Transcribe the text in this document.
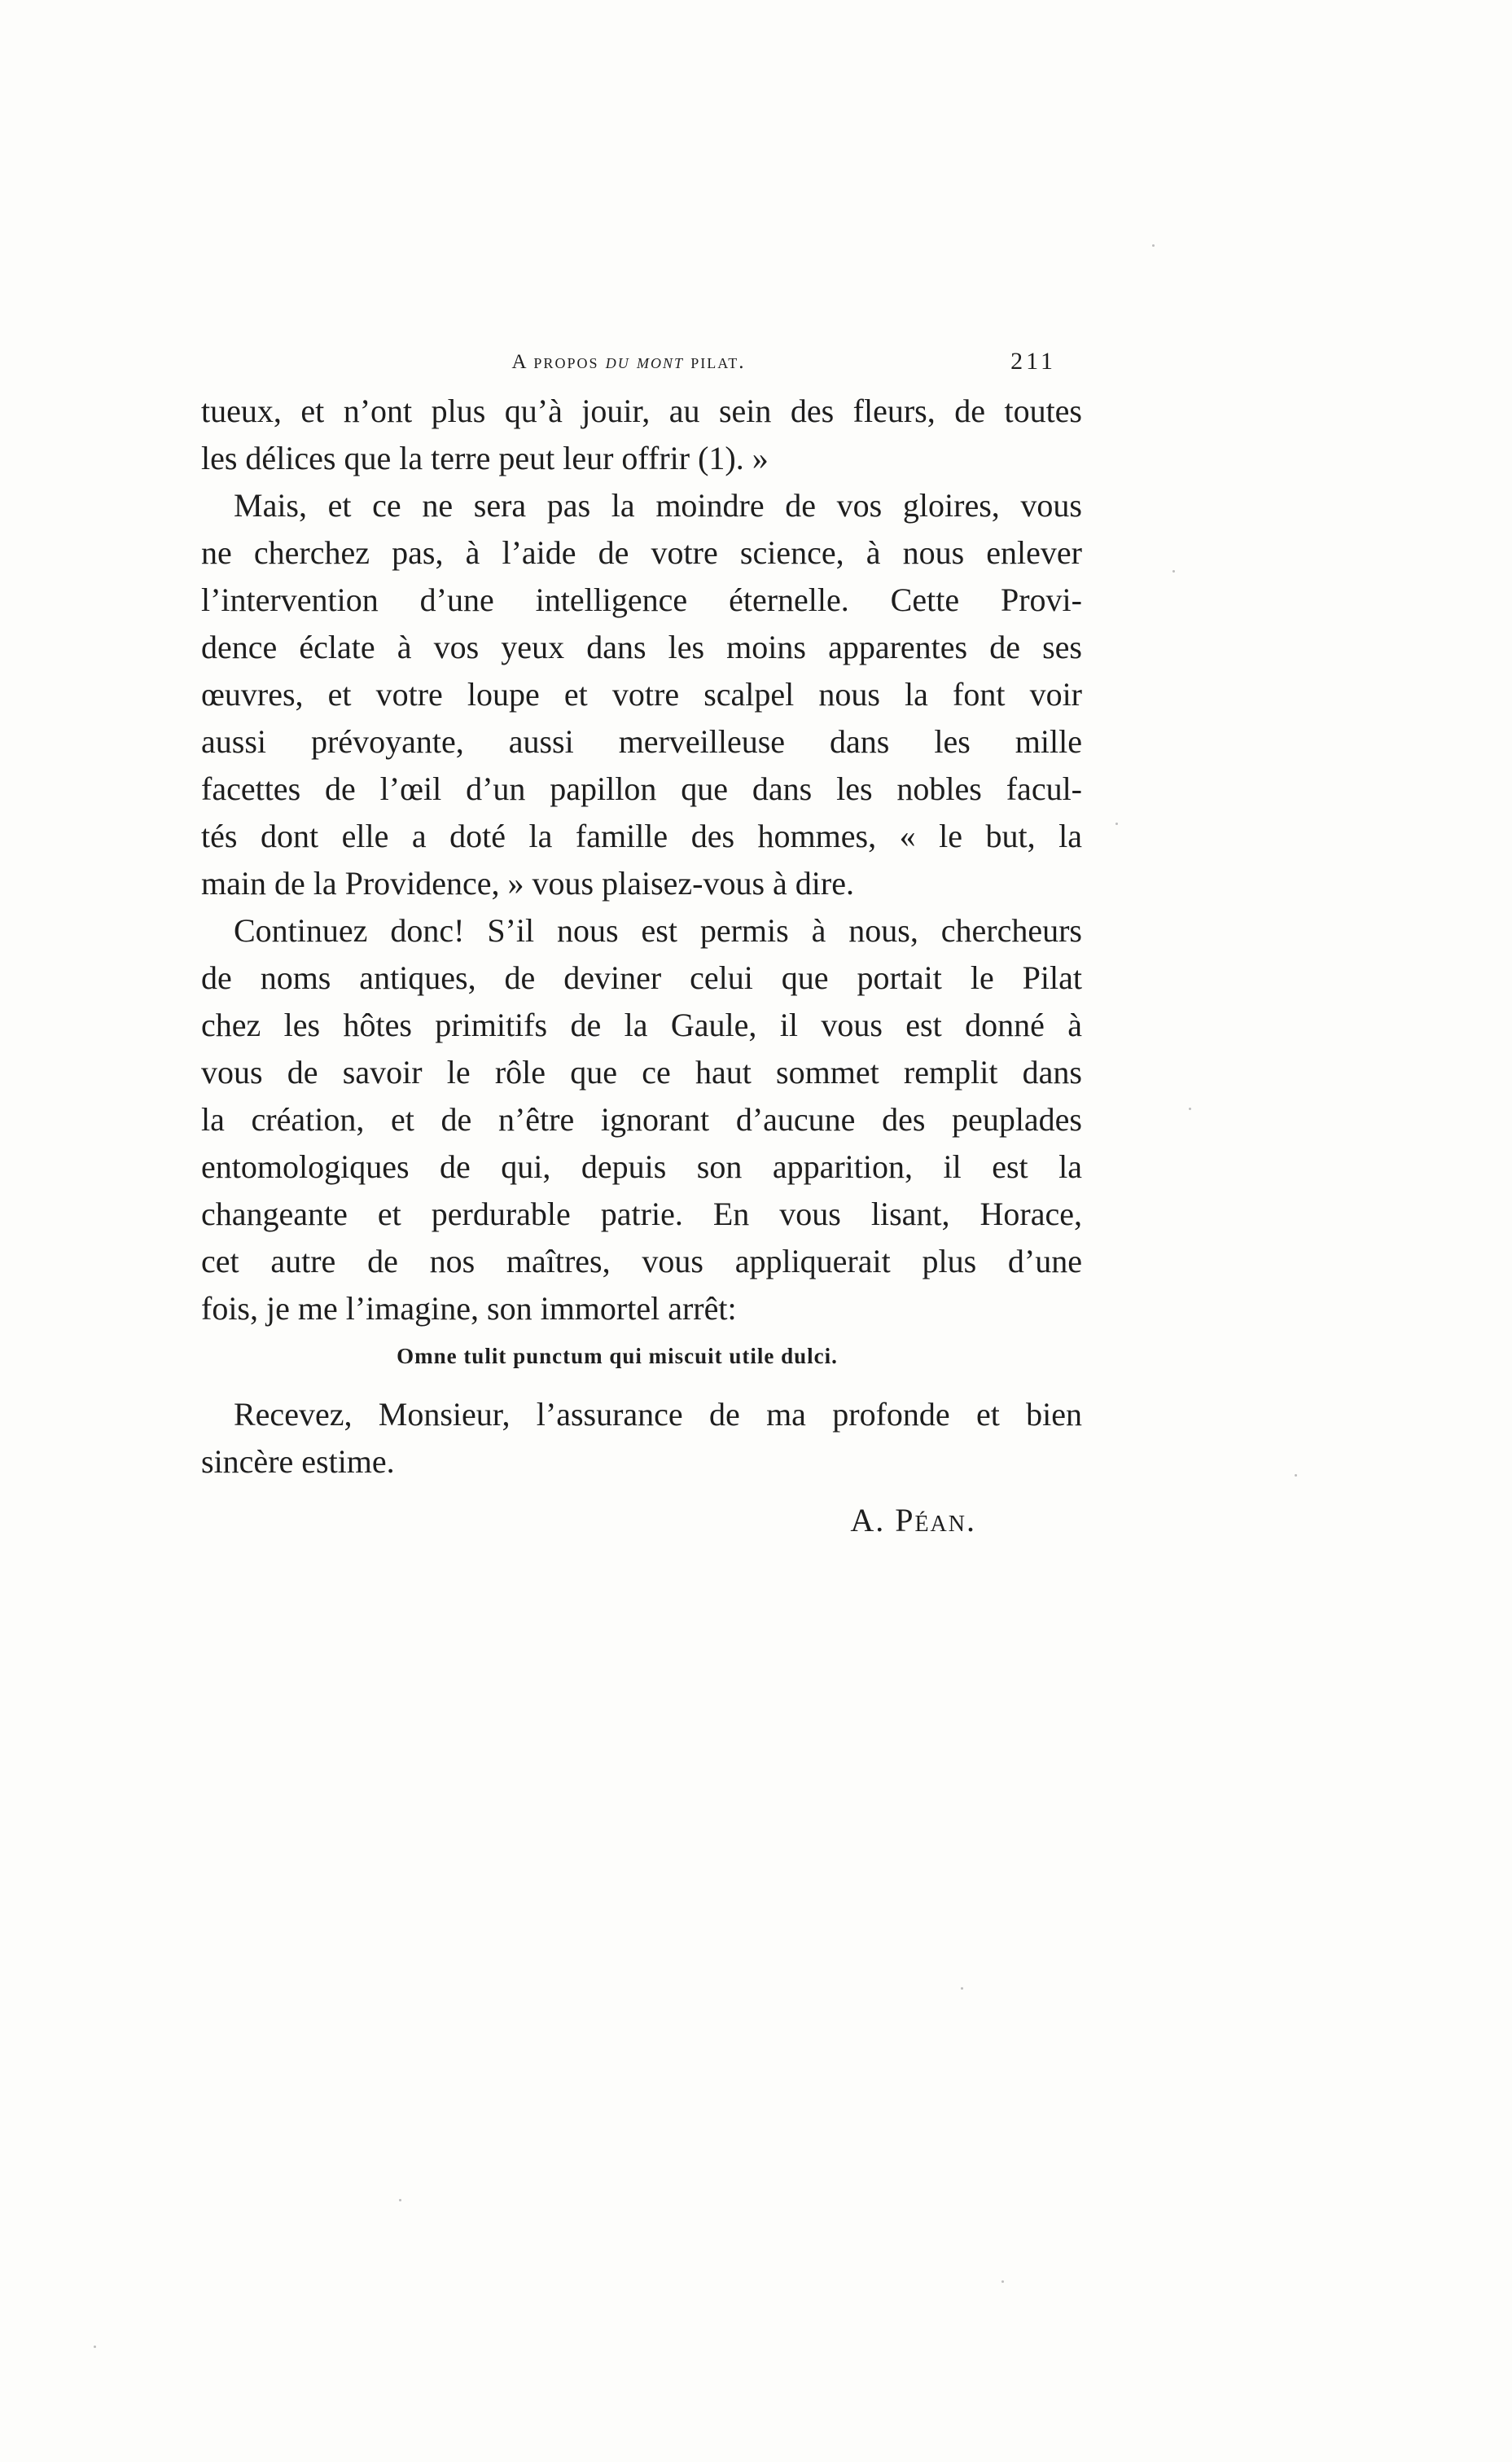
A propos du mont pilat.	211
tueux, et n’ont plus qu’à jouir, au sein des fleurs, de toutes
les délices que la terre peut leur offrir (1). »
Mais, et ce ne sera pas la moindre de vos gloires, vous
ne cherchez pas, à l’aide de votre science, à nous enlever
l’intervention d’une intelligence éternelle. Cette Provi-
dence éclate à vos yeux dans les moins apparentes de ses
œuvres, et votre loupe et votre scalpel nous la font voir
aussi prévoyante, aussi merveilleuse dans les mille
facettes de l’œil d’un papillon que dans les nobles facul-
tés dont elle a doté la famille des hommes, « le but, la
main de la Providence, » vous plaisez-vous à dire.
Continuez donc! S’il nous est permis à nous, chercheurs
de noms antiques, de deviner celui que portait le Pilat
chez les hôtes primitifs de la Gaule, il vous est donné à
vous de savoir le rôle que ce haut sommet remplit dans
la création, et de n’être ignorant d’aucune des peuplades
entomologiques de qui, depuis son apparition, il est la
changeante et perdurable patrie. En vous lisant, Horace,
cet autre de nos maîtres, vous appliquerait plus d’une
fois, je me l’imagine, son immortel arrêt:
Omne tulit punctum qui miscuit utile dulci.
Recevez, Monsieur, l’assurance de ma profonde et bien
sincère estime.
A. Péan.
